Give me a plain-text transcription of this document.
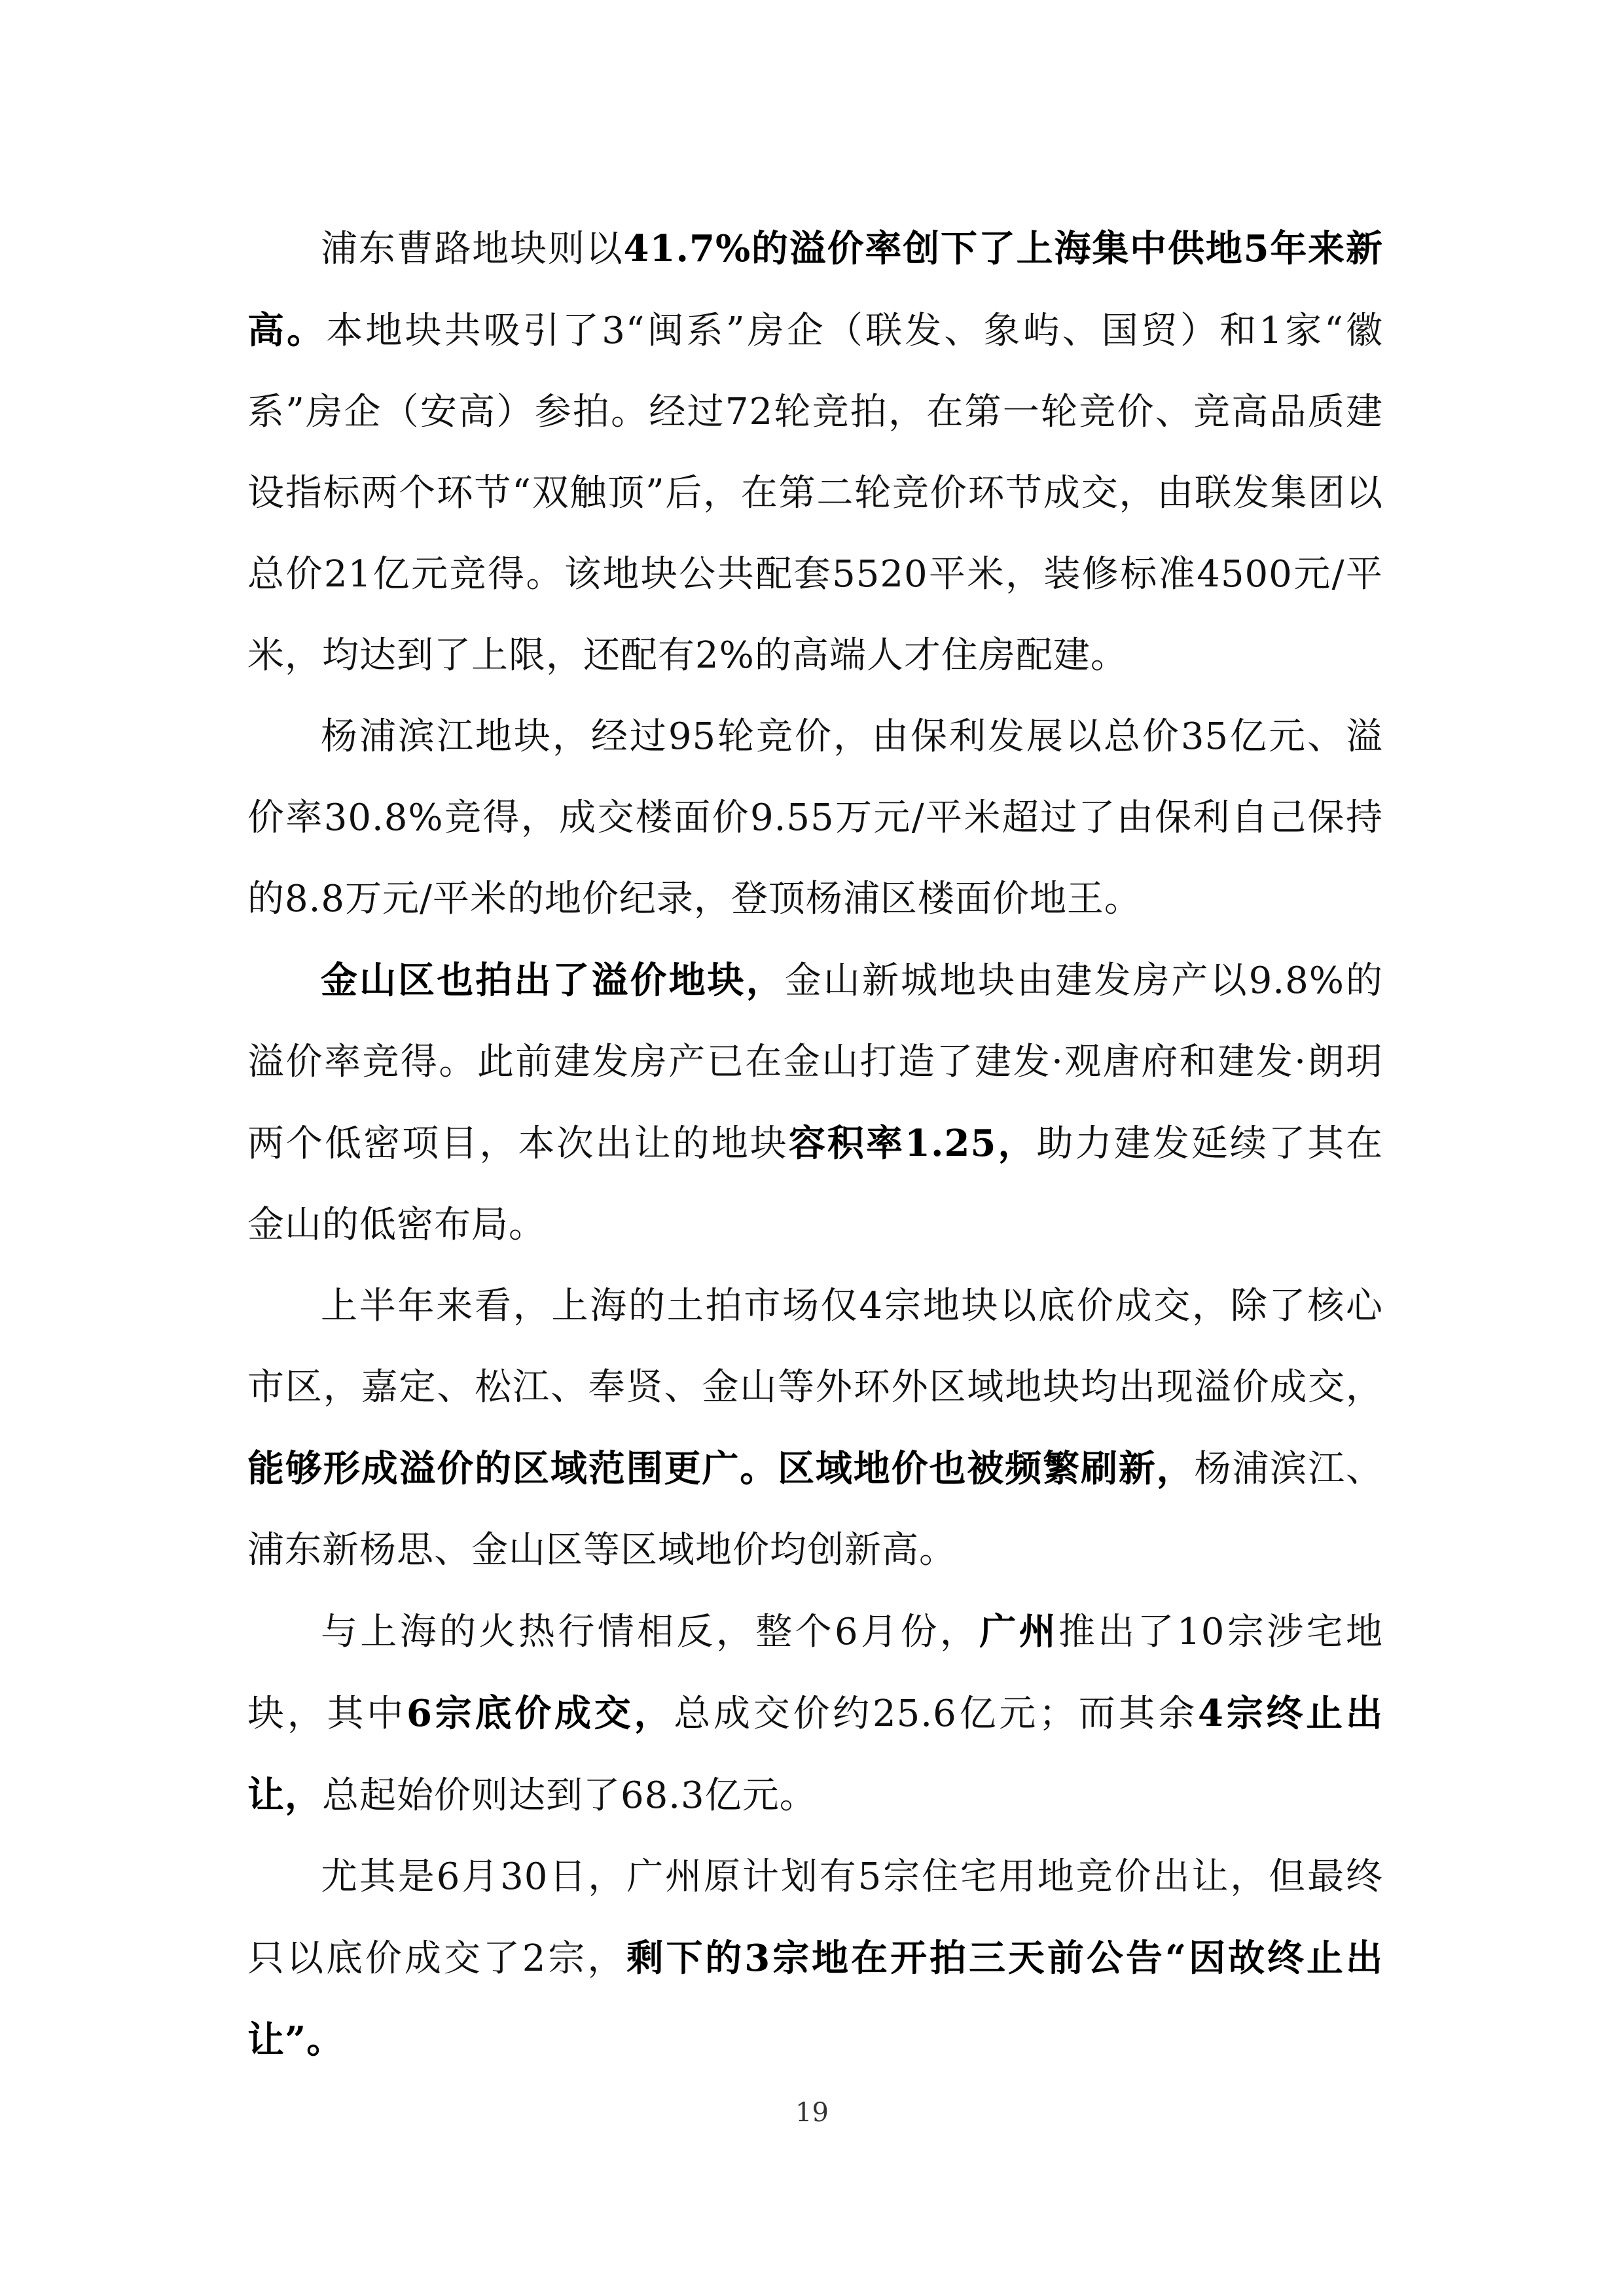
浦东曹路地块则以41.7%的溢价率创下了上海集中供地5年来新高。本地块共吸引了3“闽系”房企（联发、象屿、国贸）和1家“徽系”房企（安高）参拍。经过72轮竞拍，在第一轮竞价、竞高品质建设指标两个环节“双触顶”后，在第二轮竞价环节成交，由联发集团以总价21亿元竞得。该地块公共配套5520平米，装修标准4500元/平米，均达到了上限，还配有2%的高端人才住房配建。

杨浦滨江地块，经过95轮竞价，由保利发展以总价35亿元、溢价率30.8%竞得，成交楼面价9.55万元/平米超过了由保利自己保持的8.8万元/平米的地价纪录，登顶杨浦区楼面价地王。

金山区也拍出了溢价地块，金山新城地块由建发房产以9.8%的溢价率竞得。此前建发房产已在金山打造了建发·观唐府和建发·朗玥两个低密项目，本次出让的地块容积率1.25，助力建发延续了其在金山的低密布局。

上半年来看，上海的土拍市场仅4宗地块以底价成交，除了核心市区，嘉定、松江、奉贤、金山等外环外区域地块均出现溢价成交，能够形成溢价的区域范围更广。区域地价也被频繁刷新，杨浦滨江、浦东新杨思、金山区等区域地价均创新高。

与上海的火热行情相反，整个6月份，广州推出了10宗涉宅地块，其中6宗底价成交，总成交价约25.6亿元；而其余4宗终止出让，总起始价则达到了68.3亿元。

尤其是6月30日，广州原计划有5宗住宅用地竞价出让，但最终只以底价成交了2宗，剩下的3宗地在开拍三天前公告“因故终止出让”。

19
